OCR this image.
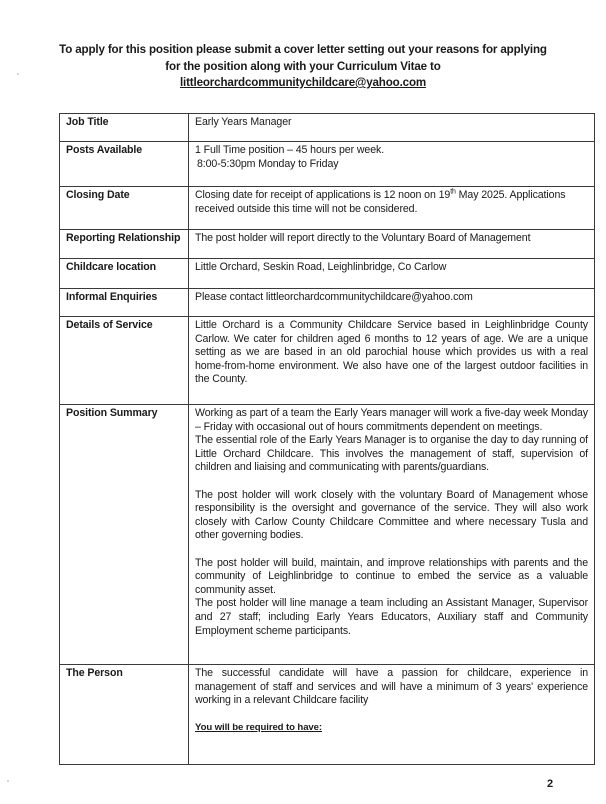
To apply for this position please submit a cover letter setting out your reasons for applying
for the position along with your Curriculum Vitae to
littleorchardcommunitychildcare@yahoo.com
Job Title	Early Years Manager

Posts Available	1 Full Time position – 45 hours per week.

8:00-5:30pm Monday to Friday

Closing Date	Closing date for receipt of applications is 12 noon on 19th May 2025. Applications received outside this time will not be considered.

Reporting Relationship	The post holder will report directly to the Voluntary Board of Management

Childcare location	Little Orchard, Seskin Road, Leighlinbridge, Co Carlow

Informal Enquiries	Please contact littleorchardcommunitychildcare@yahoo.com

Details of Service	Little Orchard is a Community Childcare Service based in Leighlinbridge County Carlow. We cater for children aged 6 months to 12 years of age. We are a unique setting as we are based in an old parochial house which provides us with a real home-from-home environment. We also have one of the largest outdoor facilities in the County.

Position Summary	Working as part of a team the Early Years manager will work a five-day week Monday – Friday with occasional out of hours commitments dependent on meetings.

The essential role of the Early Years Manager is to organise the day to day running of Little Orchard Childcare. This involves the management of staff, supervision of children and liaising and communicating with parents/guardians.

The post holder will work closely with the voluntary Board of Management whose responsibility is the oversight and governance of the service. They will also work closely with Carlow County Childcare Committee and where necessary Tusla and other governing bodies.

The post holder will build, maintain, and improve relationships with parents and the community of Leighlinbridge to continue to embed the service as a valuable community asset.

The post holder will line manage a team including an Assistant Manager, Supervisor and 27 staff; including Early Years Educators, Auxiliary staff and Community Employment scheme participants.

The Person	The successful candidate will have a passion for childcare, experience in management of staff and services and will have a minimum of 3 years' experience working in a relevant Childcare facility

You will be required to have:

2
